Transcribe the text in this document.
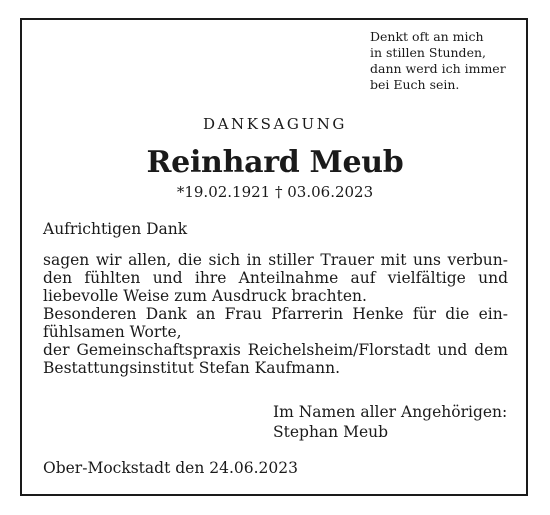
Denkt oft an mich
in stillen Stunden,
dann werd ich immer
bei Euch sein.
DANKSAGUNG
Reinhard Meub
*19.02.1921 † 03.06.2023
Aufrichtigen Dank
sagen wir allen, die sich in stiller Trauer mit uns verbun-
den fühlten und ihre Anteilnahme auf vielfältige und
liebevolle Weise zum Ausdruck brachten.
Besonderen Dank an Frau Pfarrerin Henke für die ein-
fühlsamen Worte,
der Gemeinschaftspraxis Reichelsheim/Florstadt und dem
Bestattungsinstitut Stefan Kaufmann.
Im Namen aller Angehörigen:
Stephan Meub
Ober-Mockstadt den 24.06.2023
